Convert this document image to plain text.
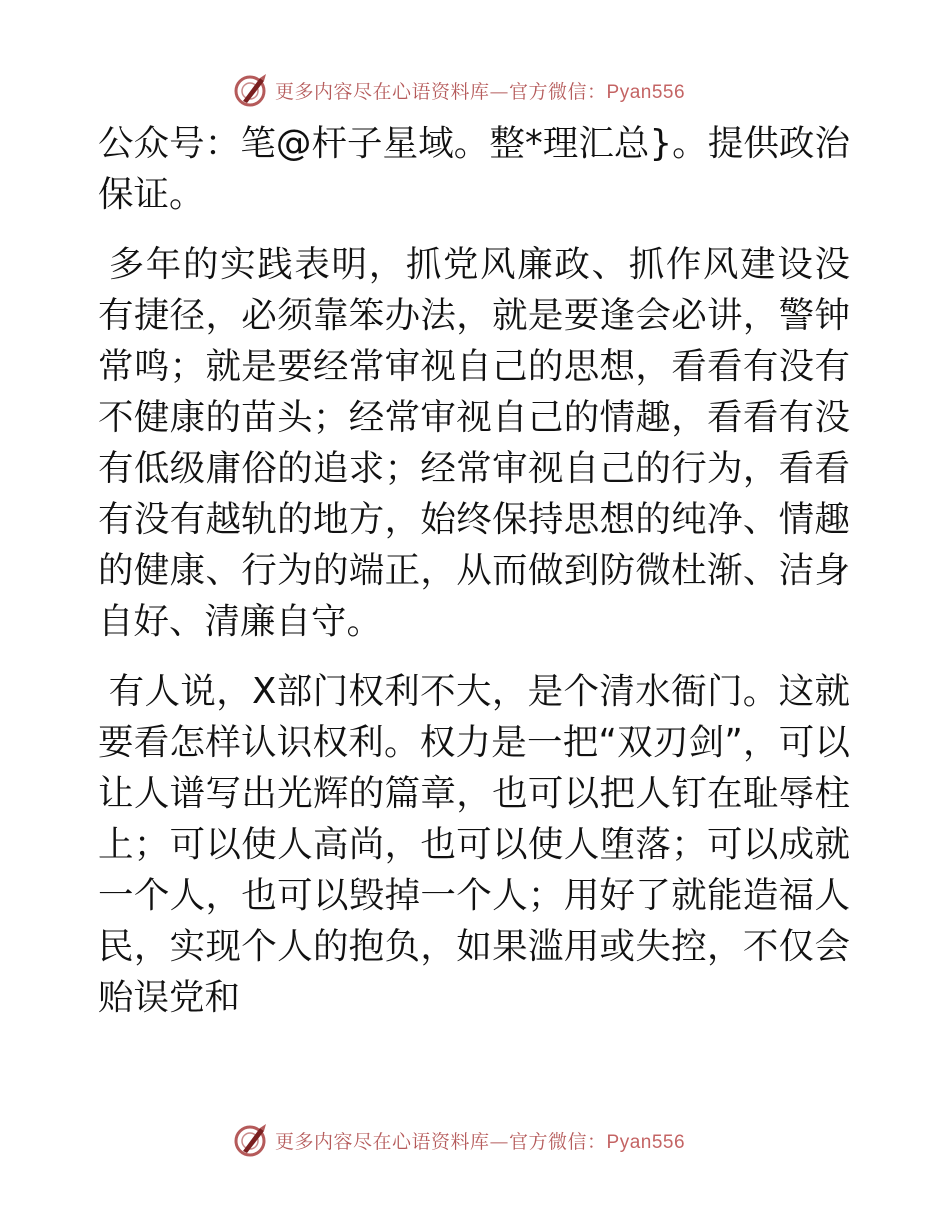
更多内容尽在心语资料库—官方微信：Pyan556

公众号：笔@杆子星域。整*理汇总}。提供政治保证。

多年的实践表明，抓党风廉政、抓作风建设没有捷径，必须靠笨办法，就是要逢会必讲，警钟常鸣；就是要经常审视自己的思想，看看有没有不健康的苗头；经常审视自己的情趣，看看有没有低级庸俗的追求；经常审视自己的行为，看看有没有越轨的地方，始终保持思想的纯净、情趣的健康、行为的端正，从而做到防微杜渐、洁身自好、清廉自守。

有人说，X部门权利不大，是个清水衙门。这就要看怎样认识权利。权力是一把“双刃剑”，可以让人谱写出光辉的篇章，也可以把人钉在耻辱柱上；可以使人高尚，也可以使人堕落；可以成就一个人，也可以毁掉一个人；用好了就能造福人民，实现个人的抱负，如果滥用或失控，不仅会贻误党和

更多内容尽在心语资料库—官方微信：Pyan556
